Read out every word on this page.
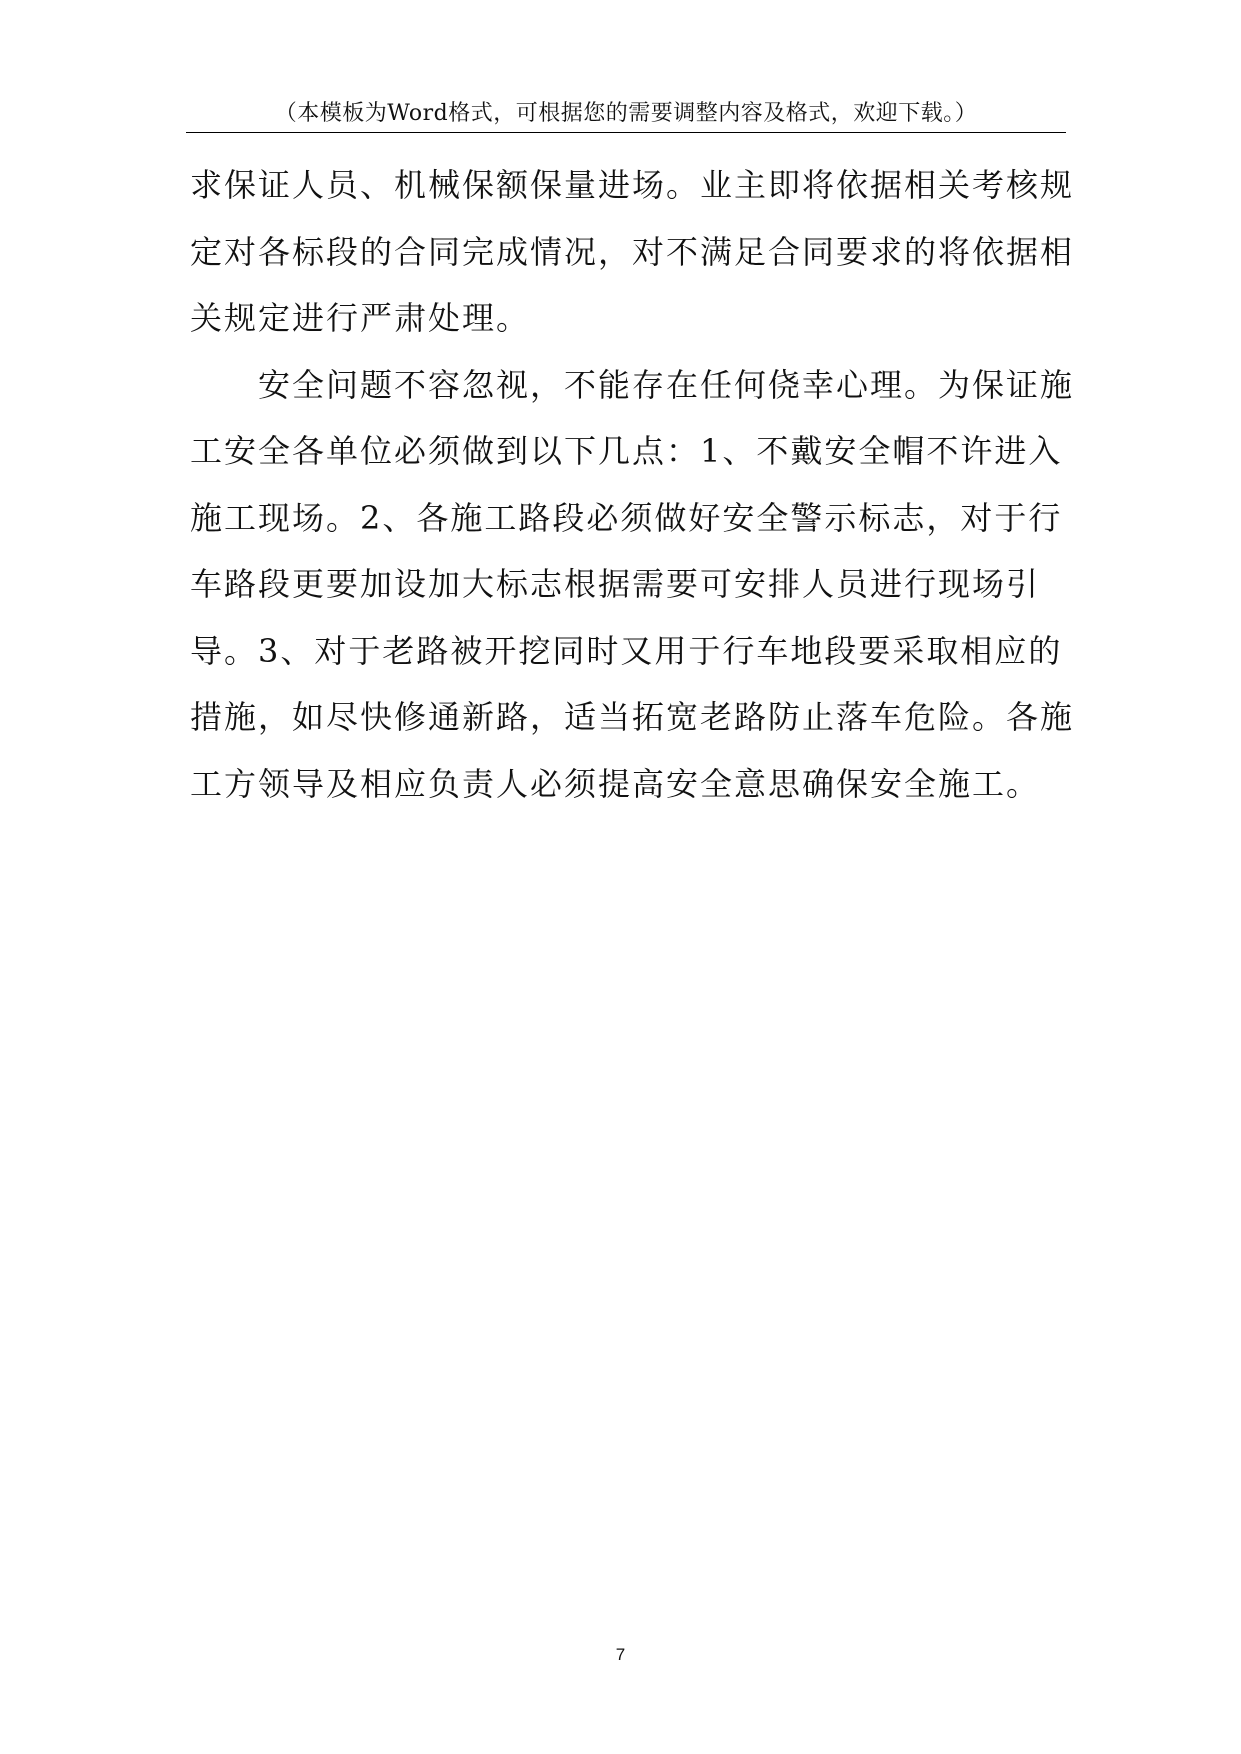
（本模板为Word格式，可根据您的需要调整内容及格式，欢迎下载。）
求保证人员、机械保额保量进场。业主即将依据相关考核规
定对各标段的合同完成情况，对不满足合同要求的将依据相
关规定进行严肃处理。
安全问题不容忽视，不能存在任何侥幸心理。为保证施
工安全各单位必须做到以下几点：1、不戴安全帽不许进入
施工现场。2、各施工路段必须做好安全警示标志，对于行
车路段更要加设加大标志根据需要可安排人员进行现场引
导。3、对于老路被开挖同时又用于行车地段要采取相应的
措施，如尽快修通新路，适当拓宽老路防止落车危险。各施
工方领导及相应负责人必须提高安全意思确保安全施工。
7
